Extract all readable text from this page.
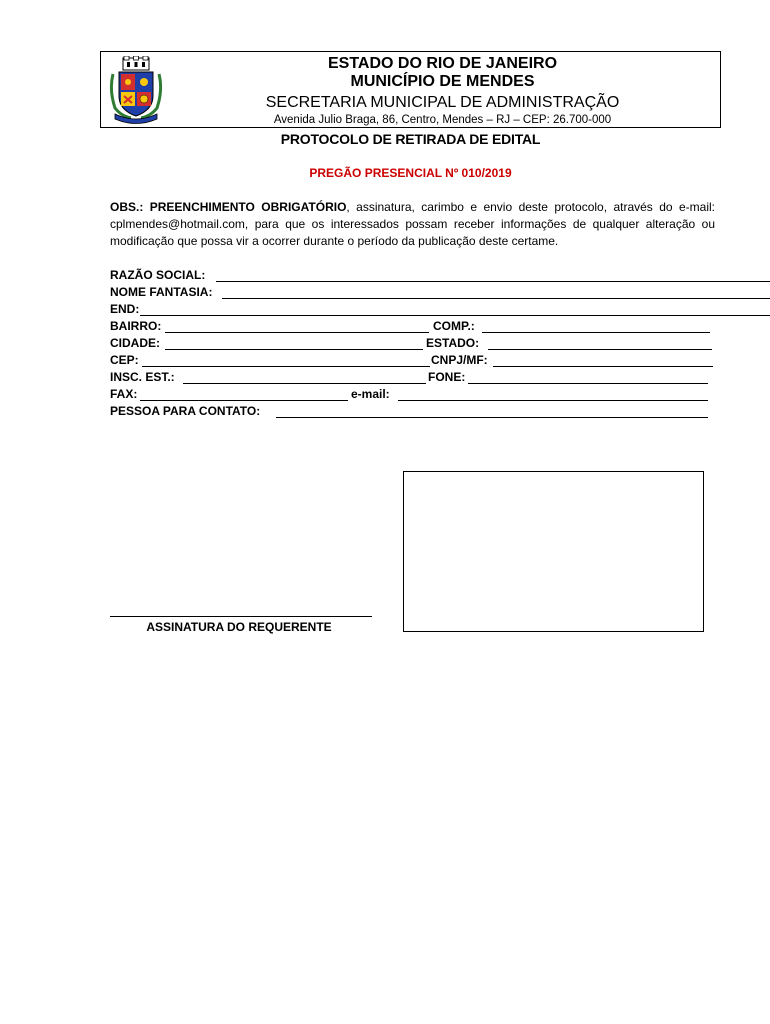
ESTADO DO RIO DE JANEIRO
MUNICÍPIO DE MENDES
SECRETARIA MUNICIPAL DE ADMINISTRAÇÃO
Avenida Julio Braga, 86, Centro, Mendes – RJ – CEP: 26.700-000
PROTOCOLO DE RETIRADA DE EDITAL
PREGÃO PRESENCIAL Nº 010/2019
OBS.: PREENCHIMENTO OBRIGATÓRIO, assinatura, carimbo e envio deste protocolo, através do e-mail: cplmendes@hotmail.com, para que os interessados possam receber informações de qualquer alteração ou modificação que possa vir a ocorrer durante o período da publicação deste certame.
RAZÃO SOCIAL:
NOME FANTASIA:
END:
BAIRRO:	COMP.:
CIDADE:	ESTADO:
CEP:	CNPJ/MF:
INSC. EST.:	FONE:
FAX:	e-mail:
PESSOA PARA CONTATO:
ASSINATURA DO REQUERENTE
